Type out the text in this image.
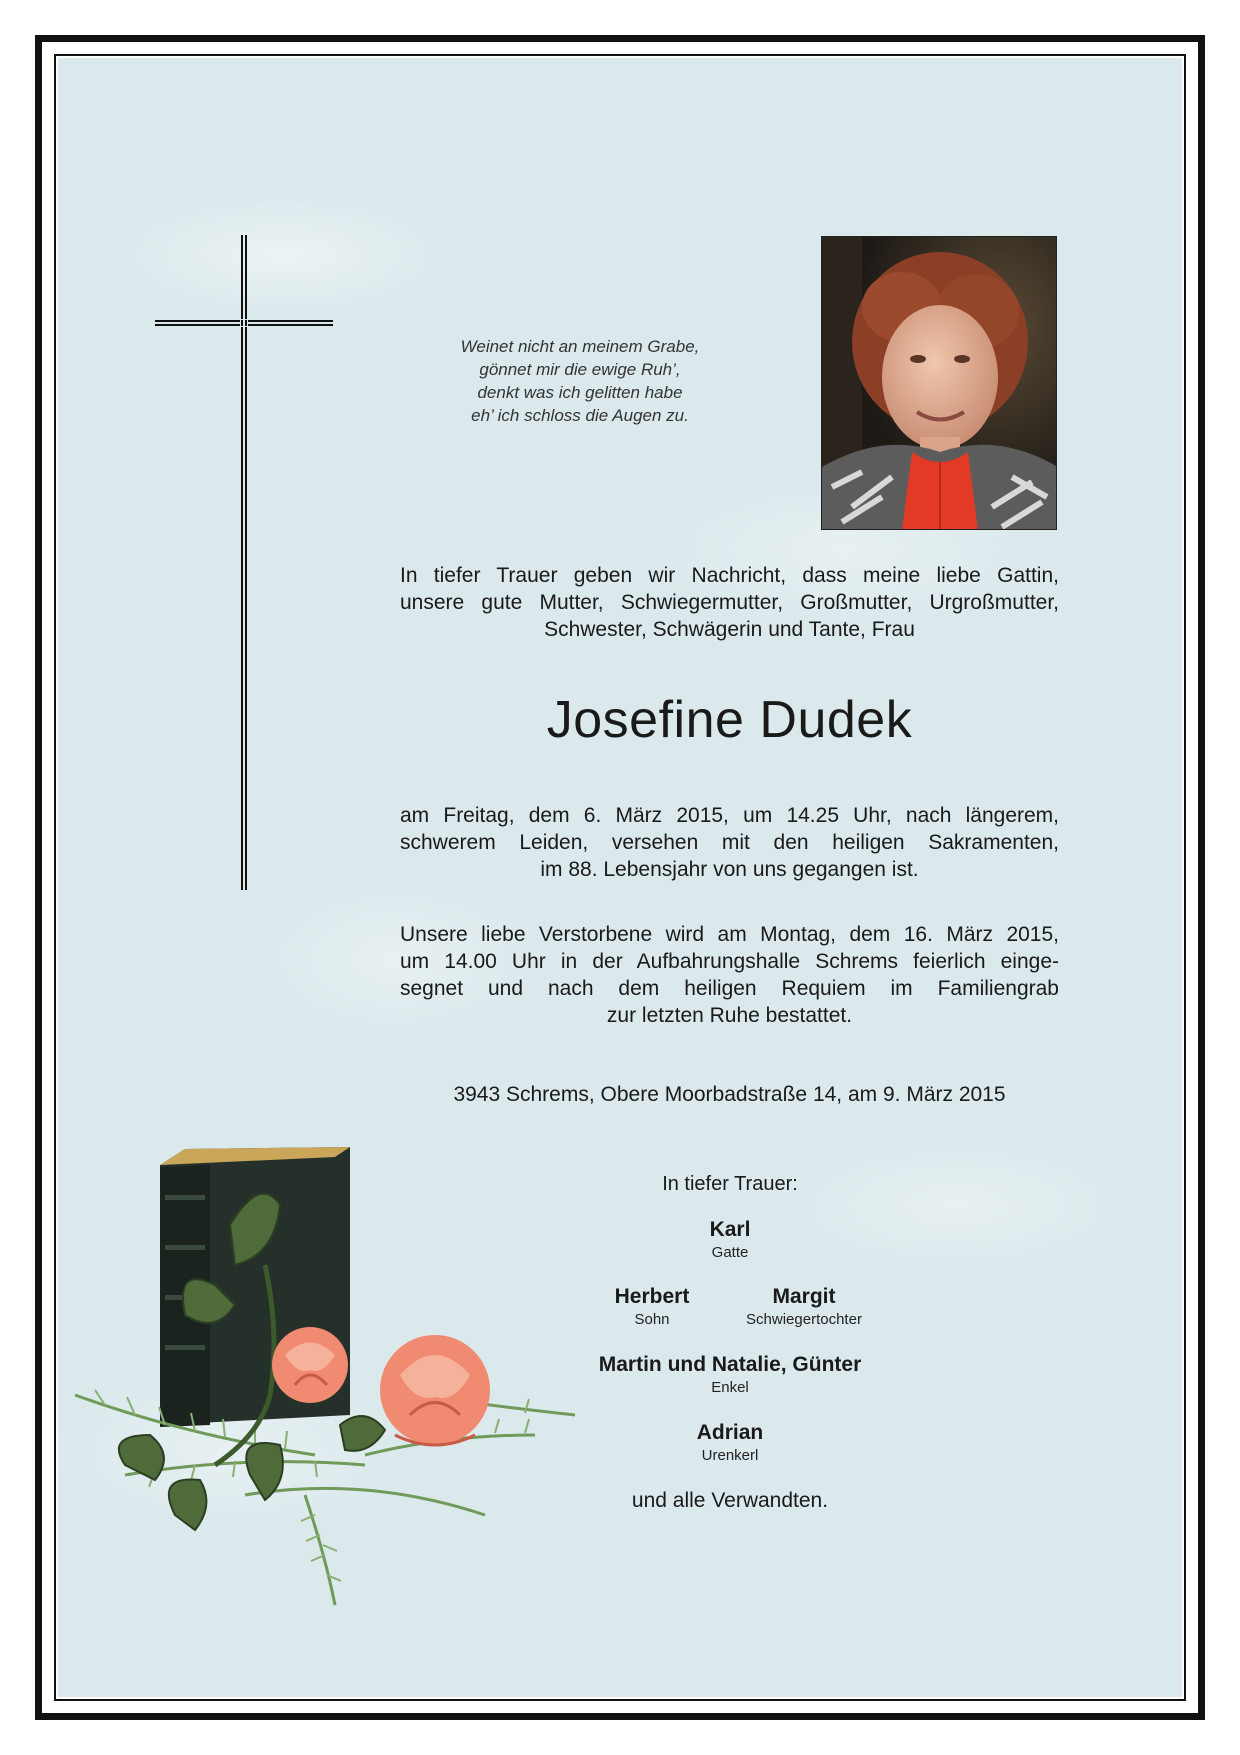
Weinet nicht an meinem Grabe,
gönnet mir die ewige Ruh’,
denkt was ich gelitten habe
eh’ ich schloss die Augen zu.
In tiefer Trauer geben wir Nachricht, dass meine liebe Gattin,
unsere gute Mutter, Schwiegermutter, Großmutter, Urgroßmutter,
Schwester, Schwägerin und Tante, Frau
Josefine Dudek
am Freitag, dem 6. März 2015, um 14.25 Uhr, nach längerem,
schwerem Leiden, versehen mit den heiligen Sakramenten,
im 88. Lebensjahr von uns gegangen ist.
Unsere liebe Verstorbene wird am Montag, dem 16. März 2015,
um 14.00 Uhr in der Aufbahrungshalle Schrems feierlich einge-
segnet und nach dem heiligen Requiem im Familiengrab
zur letzten Ruhe bestattet.
3943 Schrems, Obere Moorbadstraße 14, am 9. März 2015
In tiefer Trauer:
Karl
Gatte
Herbert
Sohn
Margit
Schwiegertochter
Martin und Natalie, Günter
Enkel
Adrian
Urenkerl
und alle Verwandten.
